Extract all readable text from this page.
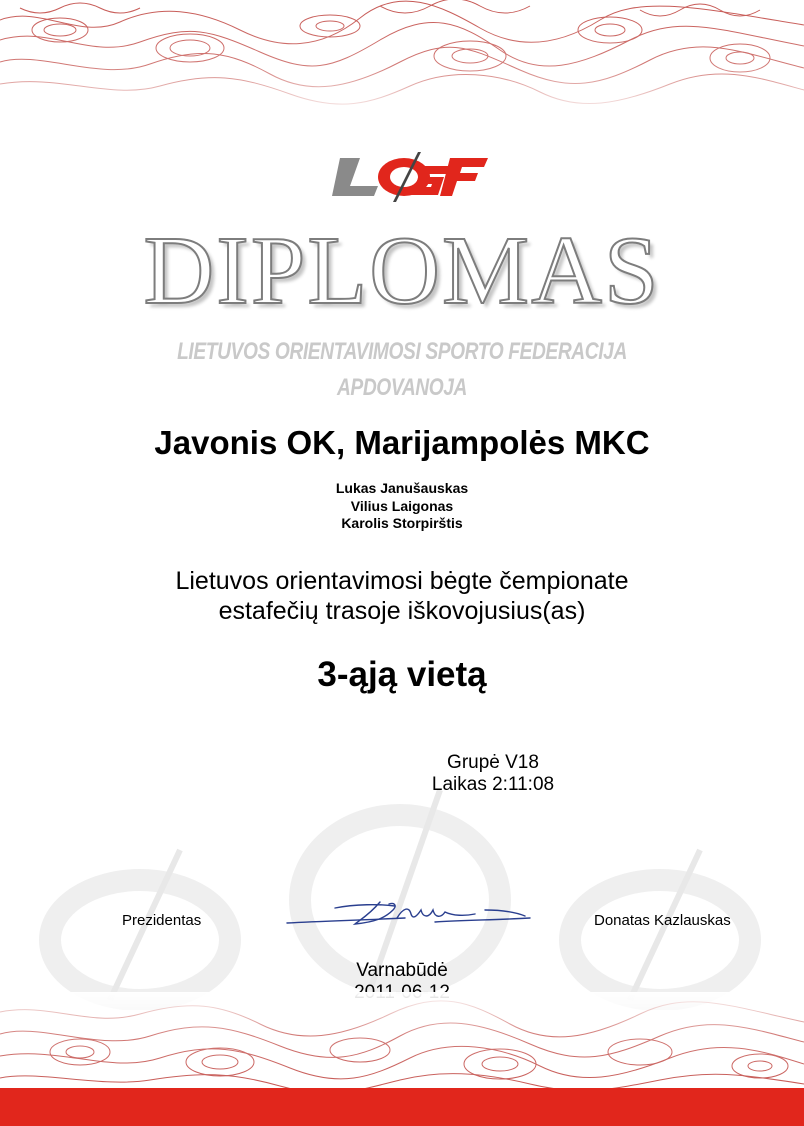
DIPLOMAS
LIETUVOS ORIENTAVIMOSI SPORTO FEDERACIJA
APDOVANOJA
Javonis OK, Marijampolės MKC
Lukas Janušauskas
Vilius Laigonas
Karolis Storpirštis
Lietuvos orientavimosi bėgte čempionate
estafečių trasoje iškovojusius(as)
3-ąją vietą
Grupė V18
Laikas 2:11:08
Prezidentas	Donatas Kazlauskas
Varnabūdė
